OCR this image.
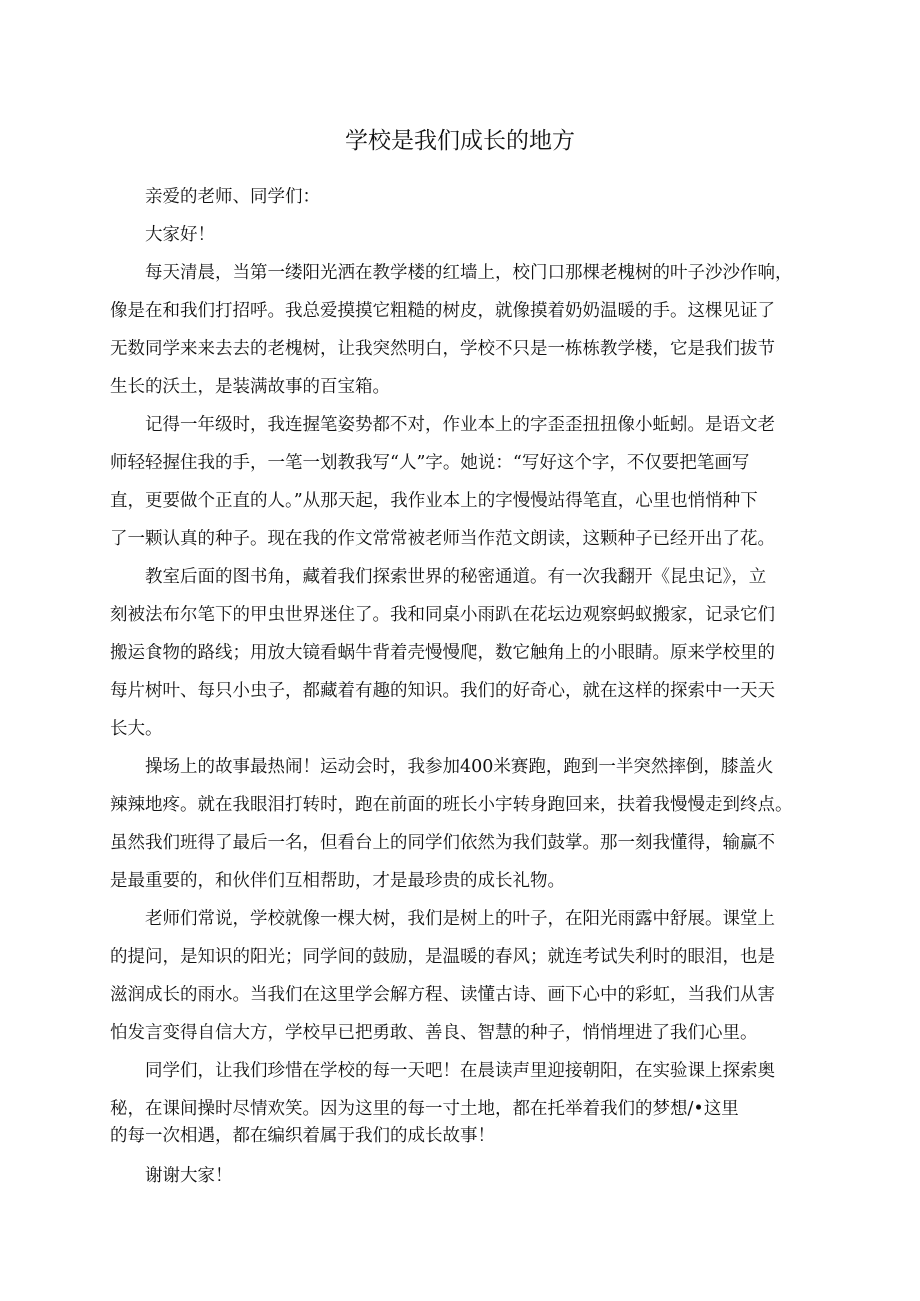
学校是我们成长的地方
亲爱的老师、同学们：
大家好！
每天清晨，当第一缕阳光洒在教学楼的红墙上，校门口那棵老槐树的叶子沙沙作响，
像是在和我们打招呼。我总爱摸摸它粗糙的树皮，就像摸着奶奶温暖的手。这棵见证了
无数同学来来去去的老槐树，让我突然明白，学校不只是一栋栋教学楼，它是我们拔节
生长的沃土，是装满故事的百宝箱。
记得一年级时，我连握笔姿势都不对，作业本上的字歪歪扭扭像小蚯蚓。是语文老
师轻轻握住我的手，一笔一划教我写“人”字。她说：“写好这个字，不仅要把笔画写
直，更要做个正直的人。”从那天起，我作业本上的字慢慢站得笔直，心里也悄悄种下
了一颗认真的种子。现在我的作文常常被老师当作范文朗读，这颗种子已经开出了花。
教室后面的图书角，藏着我们探索世界的秘密通道。有一次我翻开《昆虫记》，立
刻被法布尔笔下的甲虫世界迷住了。我和同桌小雨趴在花坛边观察蚂蚁搬家，记录它们
搬运食物的路线；用放大镜看蜗牛背着壳慢慢爬，数它触角上的小眼睛。原来学校里的
每片树叶、每只小虫子，都藏着有趣的知识。我们的好奇心，就在这样的探索中一天天
长大。
操场上的故事最热闹！运动会时，我参加400米赛跑，跑到一半突然摔倒，膝盖火
辣辣地疼。就在我眼泪打转时，跑在前面的班长小宇转身跑回来，扶着我慢慢走到终点。
虽然我们班得了最后一名，但看台上的同学们依然为我们鼓掌。那一刻我懂得，输赢不
是最重要的，和伙伴们互相帮助，才是最珍贵的成长礼物。
老师们常说，学校就像一棵大树，我们是树上的叶子，在阳光雨露中舒展。课堂上
的提问，是知识的阳光；同学间的鼓励，是温暖的春风；就连考试失利时的眼泪，也是
滋润成长的雨水。当我们在这里学会解方程、读懂古诗、画下心中的彩虹，当我们从害
怕发言变得自信大方，学校早已把勇敢、善良、智慧的种子，悄悄埋进了我们心里。
同学们，让我们珍惜在学校的每一天吧！在晨读声里迎接朝阳，在实验课上探索奥
秘，在课间操时尽情欢笑。因为这里的每一寸土地，都在托举着我们的梦想/•这里
的每一次相遇，都在编织着属于我们的成长故事！
谢谢大家！
